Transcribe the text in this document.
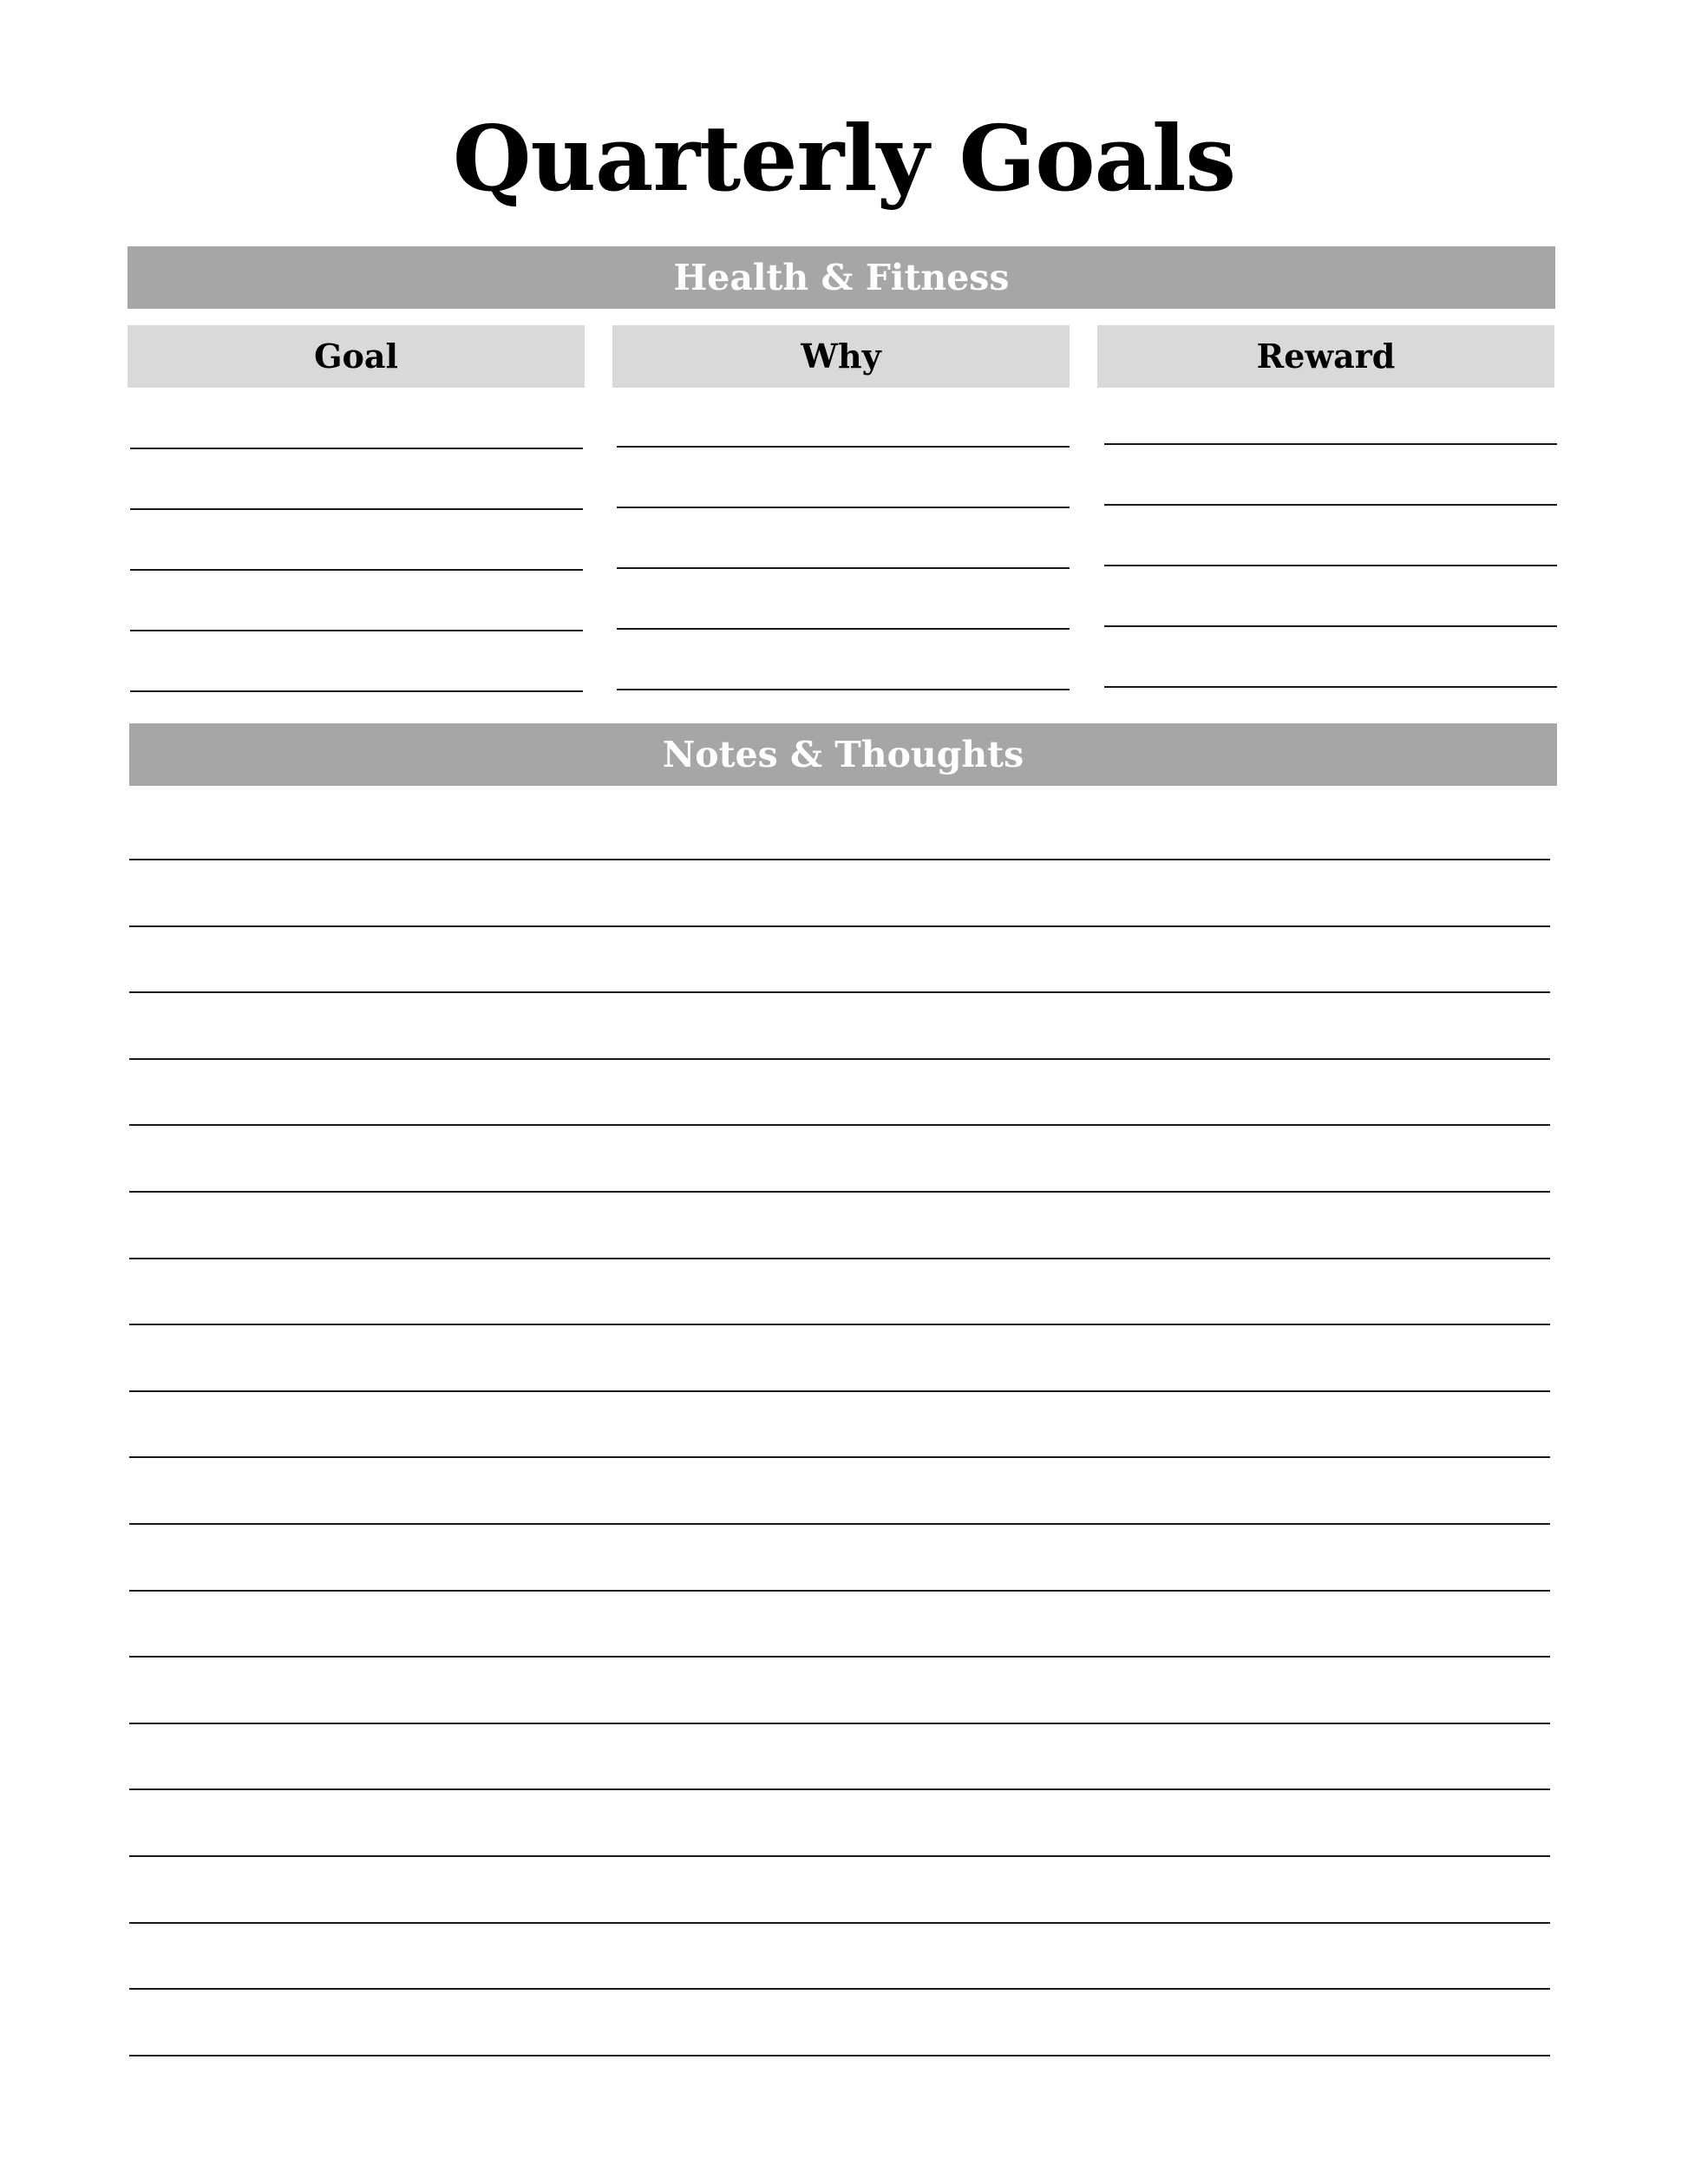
Quarterly Goals
Health & Fitness
Goal	Why	Reward
Notes & Thoughts
